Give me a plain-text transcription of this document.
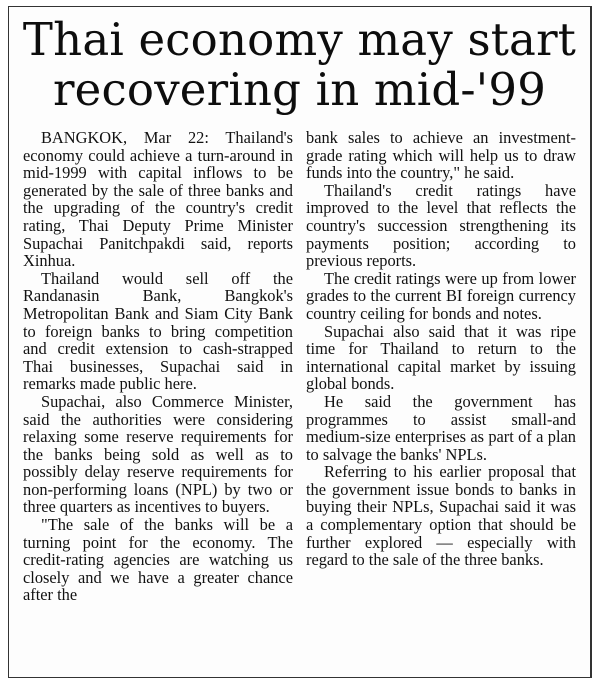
Thai economy may start
recovering in mid-'99

BANGKOK, Mar 22: Thailand's economy could achieve a turn-around in mid-1999 with capital inflows to be generated by the sale of three banks and the upgrading of the country's credit rating, Thai Deputy Prime Minister Supachai Panitchpakdi said, reports Xinhua.

Thailand would sell off the Randanasin Bank, Bangkok's Metropolitan Bank and Siam City Bank to foreign banks to bring competition and credit extension to cash-strapped Thai businesses, Supachai said in remarks made public here.

Supachai, also Commerce Minister, said the authorities were considering relaxing some reserve requirements for the banks being sold as well as to possibly delay reserve requirements for non-performing loans (NPL) by two or three quarters as incentives to buyers.

"The sale of the banks will be a turning point for the economy. The credit-rating agencies are watching us closely and we have a greater chance after the

bank sales to achieve an investment-grade rating which will help us to draw funds into the country," he said.

Thailand's credit ratings have improved to the level that reflects the country's succession strengthening its payments position; according to previous reports.

The credit ratings were up from lower grades to the current BI foreign currency country ceiling for bonds and notes.

Supachai also said that it was ripe time for Thailand to return to the international capital market by issuing global bonds.

He said the government has programmes to assist small-and medium-size enterprises as part of a plan to salvage the banks' NPLs.

Referring to his earlier proposal that the government issue bonds to banks in buying their NPLs, Supachai said it was a complementary option that should be further explored — especially with regard to the sale of the three banks.
